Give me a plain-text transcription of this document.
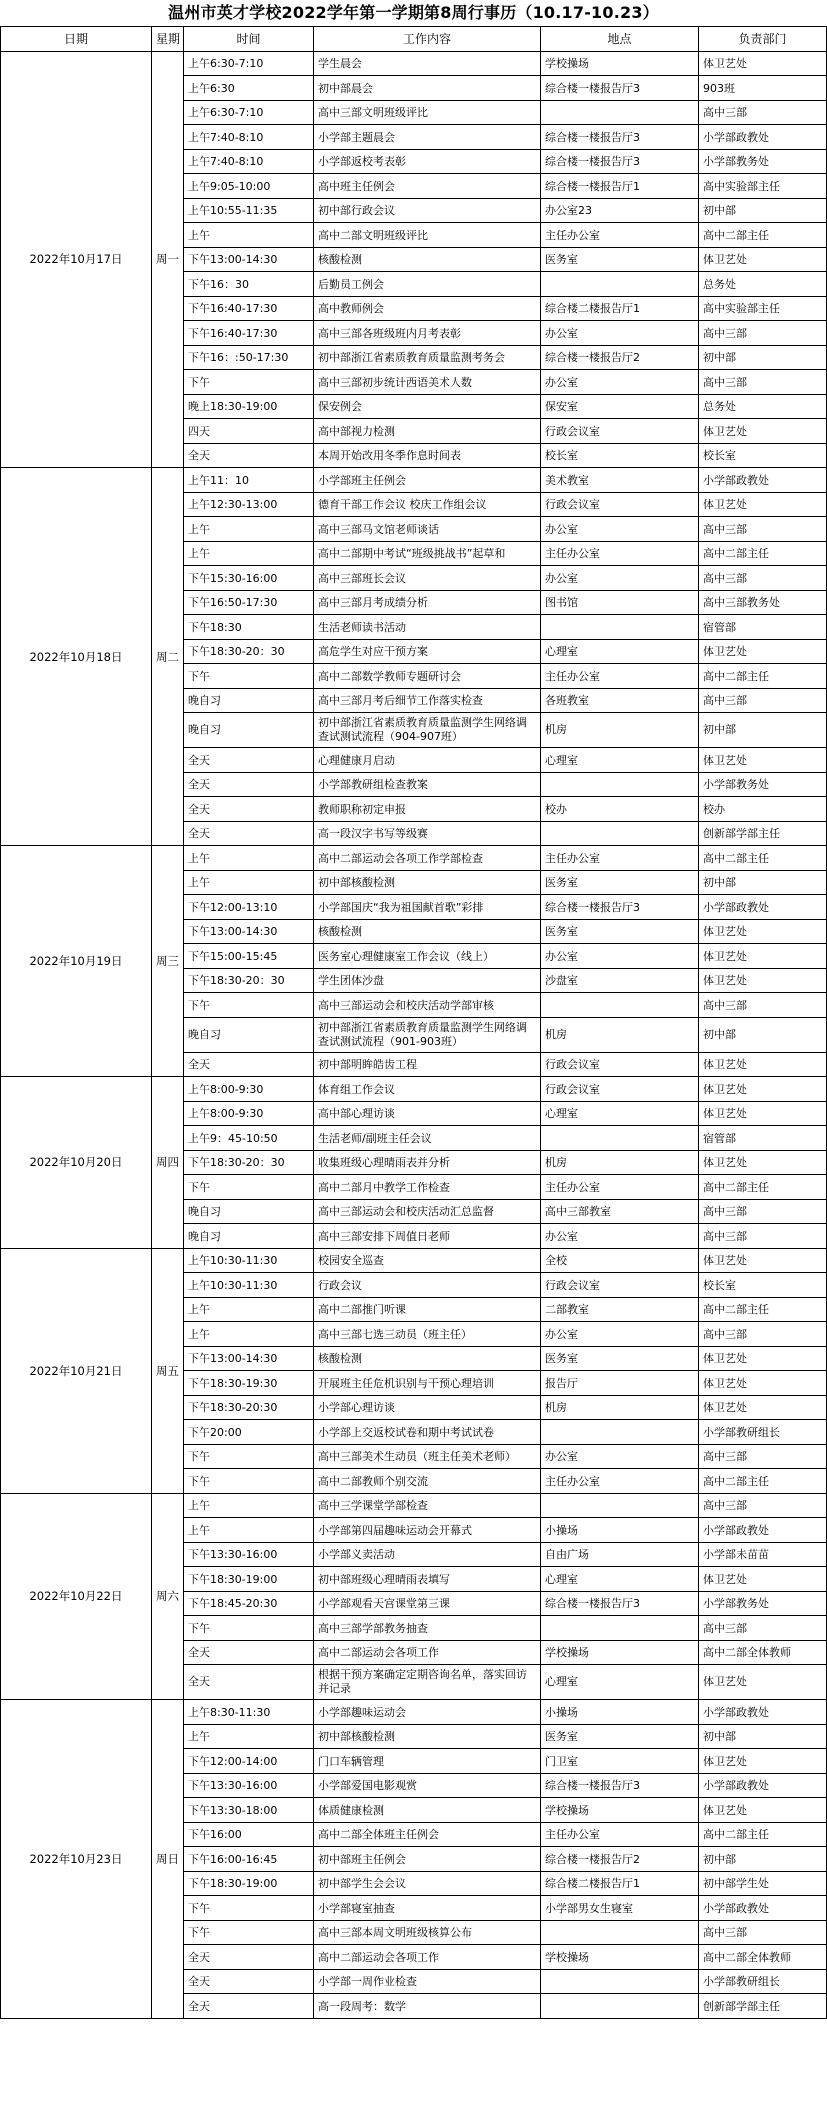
温州市英才学校2022学年第一学期第8周行事历（10.17-10.23）
日期	星期	时间	工作内容	地点	负责部门
2022年10月17日	周一	上午6:30-7:10	学生晨会	学校操场	体卫艺处
		上午6:30	初中部晨会	综合楼一楼报告厅3	903班
		上午6:30-7:10	高中三部文明班级评比		高中三部
		上午7:40-8:10	小学部主题晨会	综合楼一楼报告厅3	小学部政教处
		上午7:40-8:10	小学部返校考表彰	综合楼一楼报告厅3	小学部教务处
		上午9:05-10:00	高中班主任例会	综合楼一楼报告厅1	高中实验部主任
		上午10:55-11:35	初中部行政会议	办公室23	初中部
		上午	高中二部文明班级评比	主任办公室	高中二部主任
		下午13:00-14:30	核酸检测	医务室	体卫艺处
		下午16：30	后勤员工例会		总务处
		下午16:40-17:30	高中教师例会	综合楼二楼报告厅1	高中实验部主任
		下午16:40-17:30	高中三部各班级班内月考表彰	办公室	高中三部
		下午16：:50-17:30	初中部浙江省素质教育质量监测考务会	综合楼一楼报告厅2	初中部
		下午	高中三部初步统计西语美术人数	办公室	高中三部
		晚上18:30-19:00	保安例会	保安室	总务处
		四天	高中部视力检测	行政会议室	体卫艺处
		全天	本周开始改用冬季作息时间表	校长室	校长室
2022年10月18日	周二	上午11：10	小学部班主任例会	美术教室	小学部政教处
		上午12:30-13:00	德育干部工作会议 校庆工作组会议	行政会议室	体卫艺处
		上午	高中三部马文馆老师谈话	办公室	高中三部
		上午	高中二部期中考试“班级挑战书”起草和	主任办公室	高中二部主任
		下午15:30-16:00	高中三部班长会议	办公室	高中三部
		下午16:50-17:30	高中三部月考成绩分析	图书馆	高中三部教务处
		下午18:30	生活老师读书活动		宿管部
		下午18:30-20：30	高危学生对应干预方案	心理室	体卫艺处
		下午	高中二部数学教师专题研讨会	主任办公室	高中二部主任
		晚自习	高中三部月考后细节工作落实检查	各班教室	高中三部
		晚自习	初中部浙江省素质教育质量监测学生网络调查试测试流程（904-907班）	机房	初中部
		全天	心理健康月启动	心理室	体卫艺处
		全天	小学部教研组检查教案		小学部教务处
		全天	教师职称初定申报	校办	校办
		全天	高一段汉字书写等级赛		创新部学部主任
2022年10月19日	周三	上午	高中二部运动会各项工作学部检查	主任办公室	高中二部主任
		上午	初中部核酸检测	医务室	初中部
		下午12:00-13:10	小学部国庆“我为祖国献首歌”彩排	综合楼一楼报告厅3	小学部政教处
		下午13:00-14:30	核酸检测	医务室	体卫艺处
		下午15:00-15:45	医务室心理健康室工作会议（线上）	办公室	体卫艺处
		下午18:30-20：30	学生团体沙盘	沙盘室	体卫艺处
		下午	高中三部运动会和校庆活动学部审核		高中三部
		晚自习	初中部浙江省素质教育质量监测学生网络调查试测试流程（901-903班）	机房	初中部
		全天	初中部明眸皓齿工程	行政会议室	体卫艺处
2022年10月20日	周四	上午8:00-9:30	体育组工作会议	行政会议室	体卫艺处
		上午8:00-9:30	高中部心理访谈	心理室	体卫艺处
		上午9：45-10:50	生活老师/副班主任会议		宿管部
		下午18:30-20：30	收集班级心理晴雨表并分析	机房	体卫艺处
		下午	高中二部月中教学工作检查	主任办公室	高中二部主任
		晚自习	高中三部运动会和校庆活动汇总监督	高中三部教室	高中三部
		晚自习	高中三部安排下周值日老师	办公室	高中三部
2022年10月21日	周五	上午10:30-11:30	校园安全巡查	全校	体卫艺处
		上午10:30-11:30	行政会议	行政会议室	校长室
		上午	高中二部推门听课	二部教室	高中二部主任
		上午	高中三部七选三动员（班主任）	办公室	高中三部
		下午13:00-14:30	核酸检测	医务室	体卫艺处
		下午18:30-19:30	开展班主任危机识别与干预心理培训	报告厅	体卫艺处
		下午18:30-20:30	小学部心理访谈	机房	体卫艺处
		下午20:00	小学部上交返校试卷和期中考试试卷		小学部教研组长
		下午	高中三部美术生动员（班主任美术老师）	办公室	高中三部
		下午	高中二部教师个别交流	主任办公室	高中二部主任
2022年10月22日	周六	上午	高中三学课堂学部检查		高中三部
		上午	小学部第四届趣味运动会开幕式	小操场	小学部政教处
		下午13:30-16:00	小学部义卖活动	自由广场	小学部未苗苗
		下午18:30-19:00	初中部班级心理晴雨表填写	心理室	体卫艺处
		下午18:45-20:30	小学部观看天宫课堂第三课	综合楼一楼报告厅3	小学部教务处
		下午	高中三部学部教务抽查		高中三部
		全天	高中二部运动会各项工作	学校操场	高中二部全体教师
		全天	根据干预方案确定定期咨询名单，落实回访并记录	心理室	体卫艺处
2022年10月23日	周日	上午8:30-11:30	小学部趣味运动会	小操场	小学部政教处
		上午	初中部核酸检测	医务室	初中部
		下午12:00-14:00	门口车辆管理	门卫室	体卫艺处
		下午13:30-16:00	小学部爱国电影观赏	综合楼一楼报告厅3	小学部政教处
		下午13:30-18:00	体质健康检测	学校操场	体卫艺处
		下午16:00	高中二部全体班主任例会	主任办公室	高中二部主任
		下午16:00-16:45	初中部班主任例会	综合楼一楼报告厅2	初中部
		下午18:30-19:00	初中部学生会会议	综合楼二楼报告厅1	初中部学生处
		下午	小学部寝室抽查	小学部男女生寝室	小学部政教处
		下午	高中三部本周文明班级核算公布		高中三部
		全天	高中二部运动会各项工作	学校操场	高中二部全体教师
		全天	小学部一周作业检查		小学部教研组长
		全天	高一段周考：数学		创新部学部主任
